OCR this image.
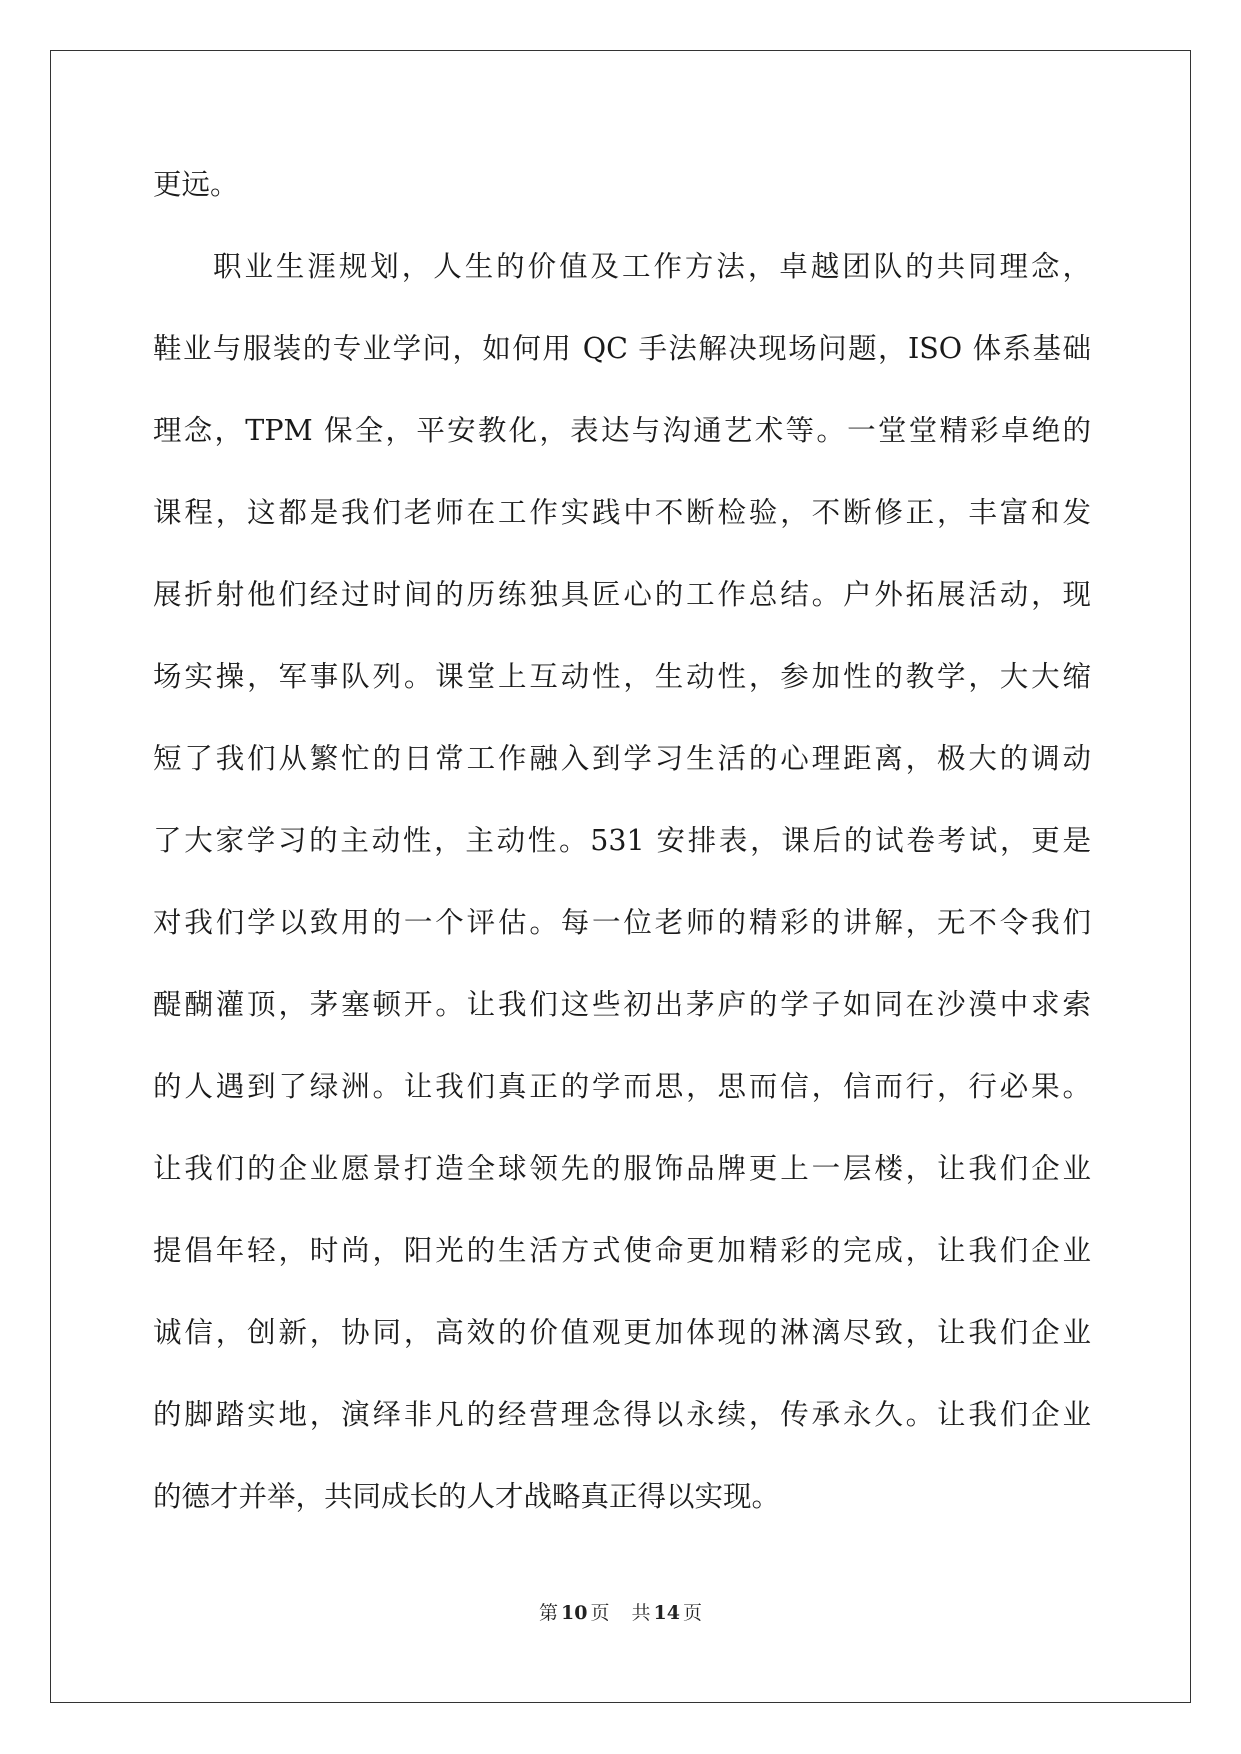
更远。
职业生涯规划，人生的价值及工作方法，卓越团队的共同理念，
鞋业与服装的专业学问，如何用 QC 手法解决现场问题，ISO 体系基础
理念，TPM 保全，平安教化，表达与沟通艺术等。一堂堂精彩卓绝的
课程，这都是我们老师在工作实践中不断检验，不断修正，丰富和发
展折射他们经过时间的历练独具匠心的工作总结。户外拓展活动，现
场实操，军事队列。课堂上互动性，生动性，参加性的教学，大大缩
短了我们从繁忙的日常工作融入到学习生活的心理距离，极大的调动
了大家学习的主动性，主动性。531 安排表，课后的试卷考试，更是
对我们学以致用的一个评估。每一位老师的精彩的讲解，无不令我们
醍醐灌顶，茅塞顿开。让我们这些初出茅庐的学子如同在沙漠中求索
的人遇到了绿洲。让我们真正的学而思，思而信，信而行，行必果。
让我们的企业愿景打造全球领先的服饰品牌更上一层楼，让我们企业
提倡年轻，时尚，阳光的生活方式使命更加精彩的完成，让我们企业
诚信，创新，协同，高效的价值观更加体现的淋漓尽致，让我们企业
的脚踏实地，演绎非凡的经营理念得以永续，传承永久。让我们企业
的德才并举，共同成长的人才战略真正得以实现。
第 10 页 共 14 页
